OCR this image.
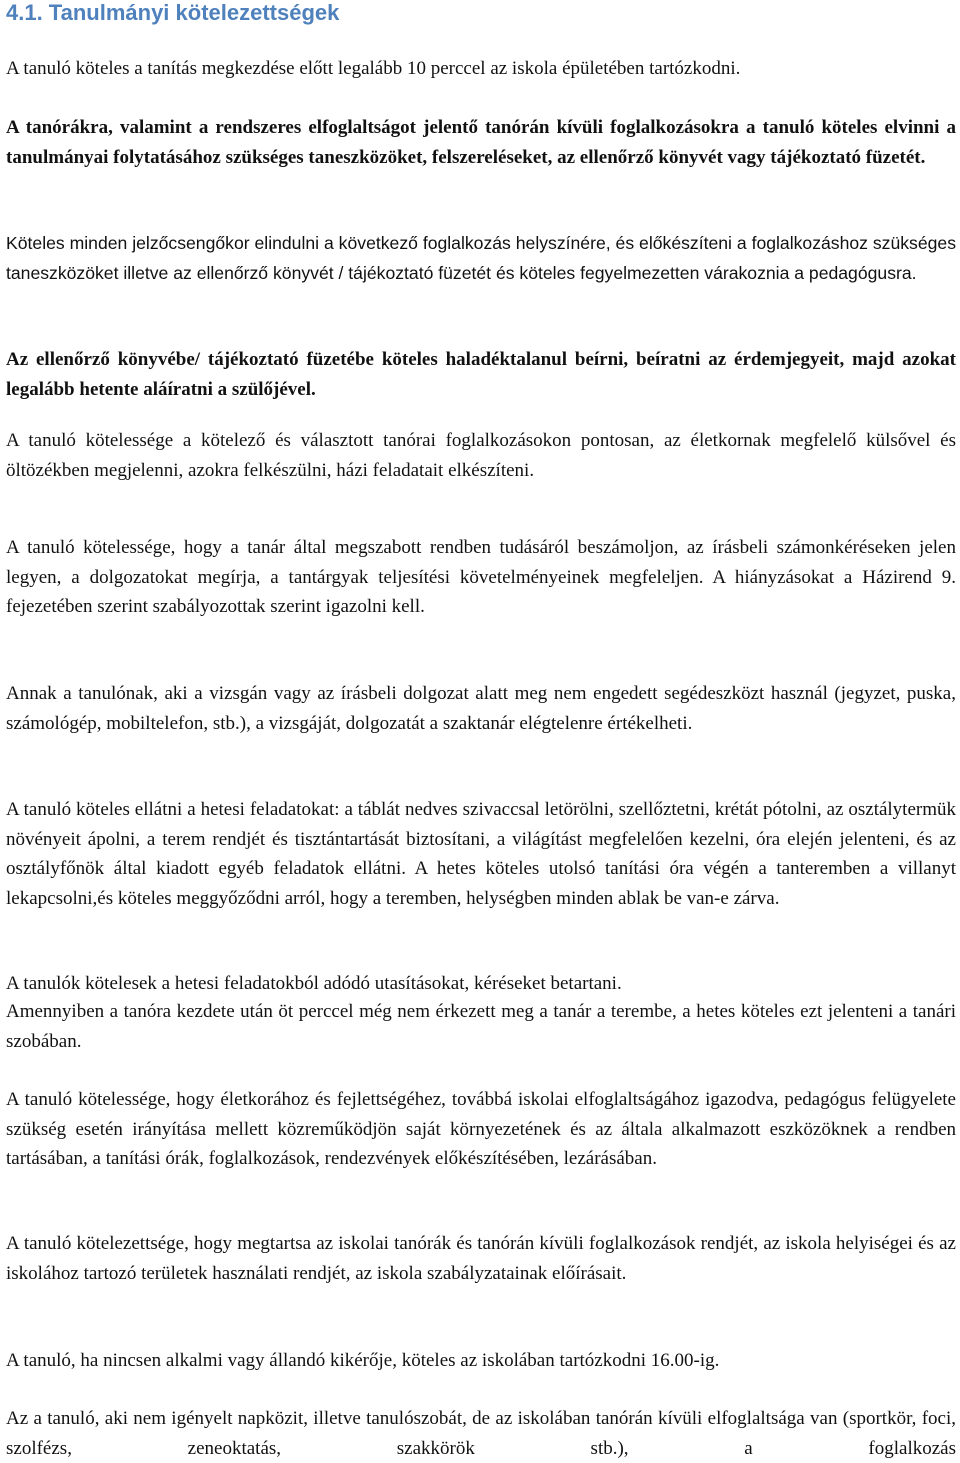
4.1. Tanulmányi kötelezettségek

A tanuló köteles a tanítás megkezdése előtt legalább 10 perccel az iskola épületében tartózkodni.

A tanórákra, valamint a rendszeres elfoglaltságot jelentő tanórán kívüli foglalkozásokra a tanuló köteles elvinni a tanulmányai folytatásához szükséges taneszközöket, felszereléseket, az ellenőrző könyvét vagy tájékoztató füzetét.

Köteles minden jelzőcsengőkor elindulni a következő foglalkozás helyszínére, és előkészíteni a foglalkozáshoz szükséges taneszközöket illetve az ellenőrző könyvét / tájékoztató füzetét és köteles fegyelmezetten várakoznia a pedagógusra.

Az ellenőrző könyvébe/ tájékoztató füzetébe köteles haladéktalanul beírni, beíratni az érdemjegyeit, majd azokat legalább hetente aláíratni a szülőjével.

A tanuló kötelessége a kötelező és választott tanórai foglalkozásokon pontosan, az életkornak megfelelő külsővel és öltözékben megjelenni, azokra felkészülni, házi feladatait elkészíteni.

A tanuló kötelessége, hogy a tanár által megszabott rendben tudásáról beszámoljon, az írásbeli számonkéréseken jelen legyen, a dolgozatokat megírja, a tantárgyak teljesítési követelményeinek megfeleljen. A hiányzásokat a Házirend 9. fejezetében szerint szabályozottak szerint igazolni kell.

Annak a tanulónak, aki a vizsgán vagy az írásbeli dolgozat alatt meg nem engedett segédeszközt használ (jegyzet, puska, számológép, mobiltelefon, stb.), a vizsgáját, dolgozatát a szaktanár elégtelenre értékelheti.

A tanuló köteles ellátni a hetesi feladatokat: a táblát nedves szivaccsal letörölni, szellőztetni, krétát pótolni, az osztálytermük növényeit ápolni, a terem rendjét és tisztántartását biztosítani, a világítást megfelelően kezelni, óra elején jelenteni, és az osztályfőnök által kiadott egyéb feladatok ellátni. A hetes köteles utolsó tanítási óra végén a tanteremben a villanyt lekapcsolni,és köteles meggyőződni arról, hogy a teremben, helységben minden ablak be van-e zárva.

A tanulók kötelesek a hetesi feladatokból adódó utasításokat, kéréseket betartani.

Amennyiben a tanóra kezdete után öt perccel még nem érkezett meg a tanár a terembe, a hetes köteles ezt jelenteni a tanári szobában.

A tanuló kötelessége, hogy életkorához és fejlettségéhez, továbbá iskolai elfoglaltságához igazodva, pedagógus felügyelete szükség esetén irányítása mellett közreműködjön saját környezetének és az általa alkalmazott eszközöknek a rendben tartásában, a tanítási órák, foglalkozások, rendezvények előkészítésében, lezárásában.

A tanuló kötelezettsége, hogy megtartsa az iskolai tanórák és tanórán kívüli foglalkozások rendjét, az iskola helyiségei és az iskolához tartozó területek használati rendjét, az iskola szabályzatainak előírásait.

A tanuló, ha nincsen alkalmi vagy állandó kikérője, köteles az iskolában tartózkodni 16.00-ig.

Az a tanuló, aki nem igényelt napközit, illetve tanulószobát, de az iskolában tanórán kívüli elfoglaltsága van (sportkör, foci, szolfézs, zeneoktatás, szakkörök stb.), a foglalkozás
